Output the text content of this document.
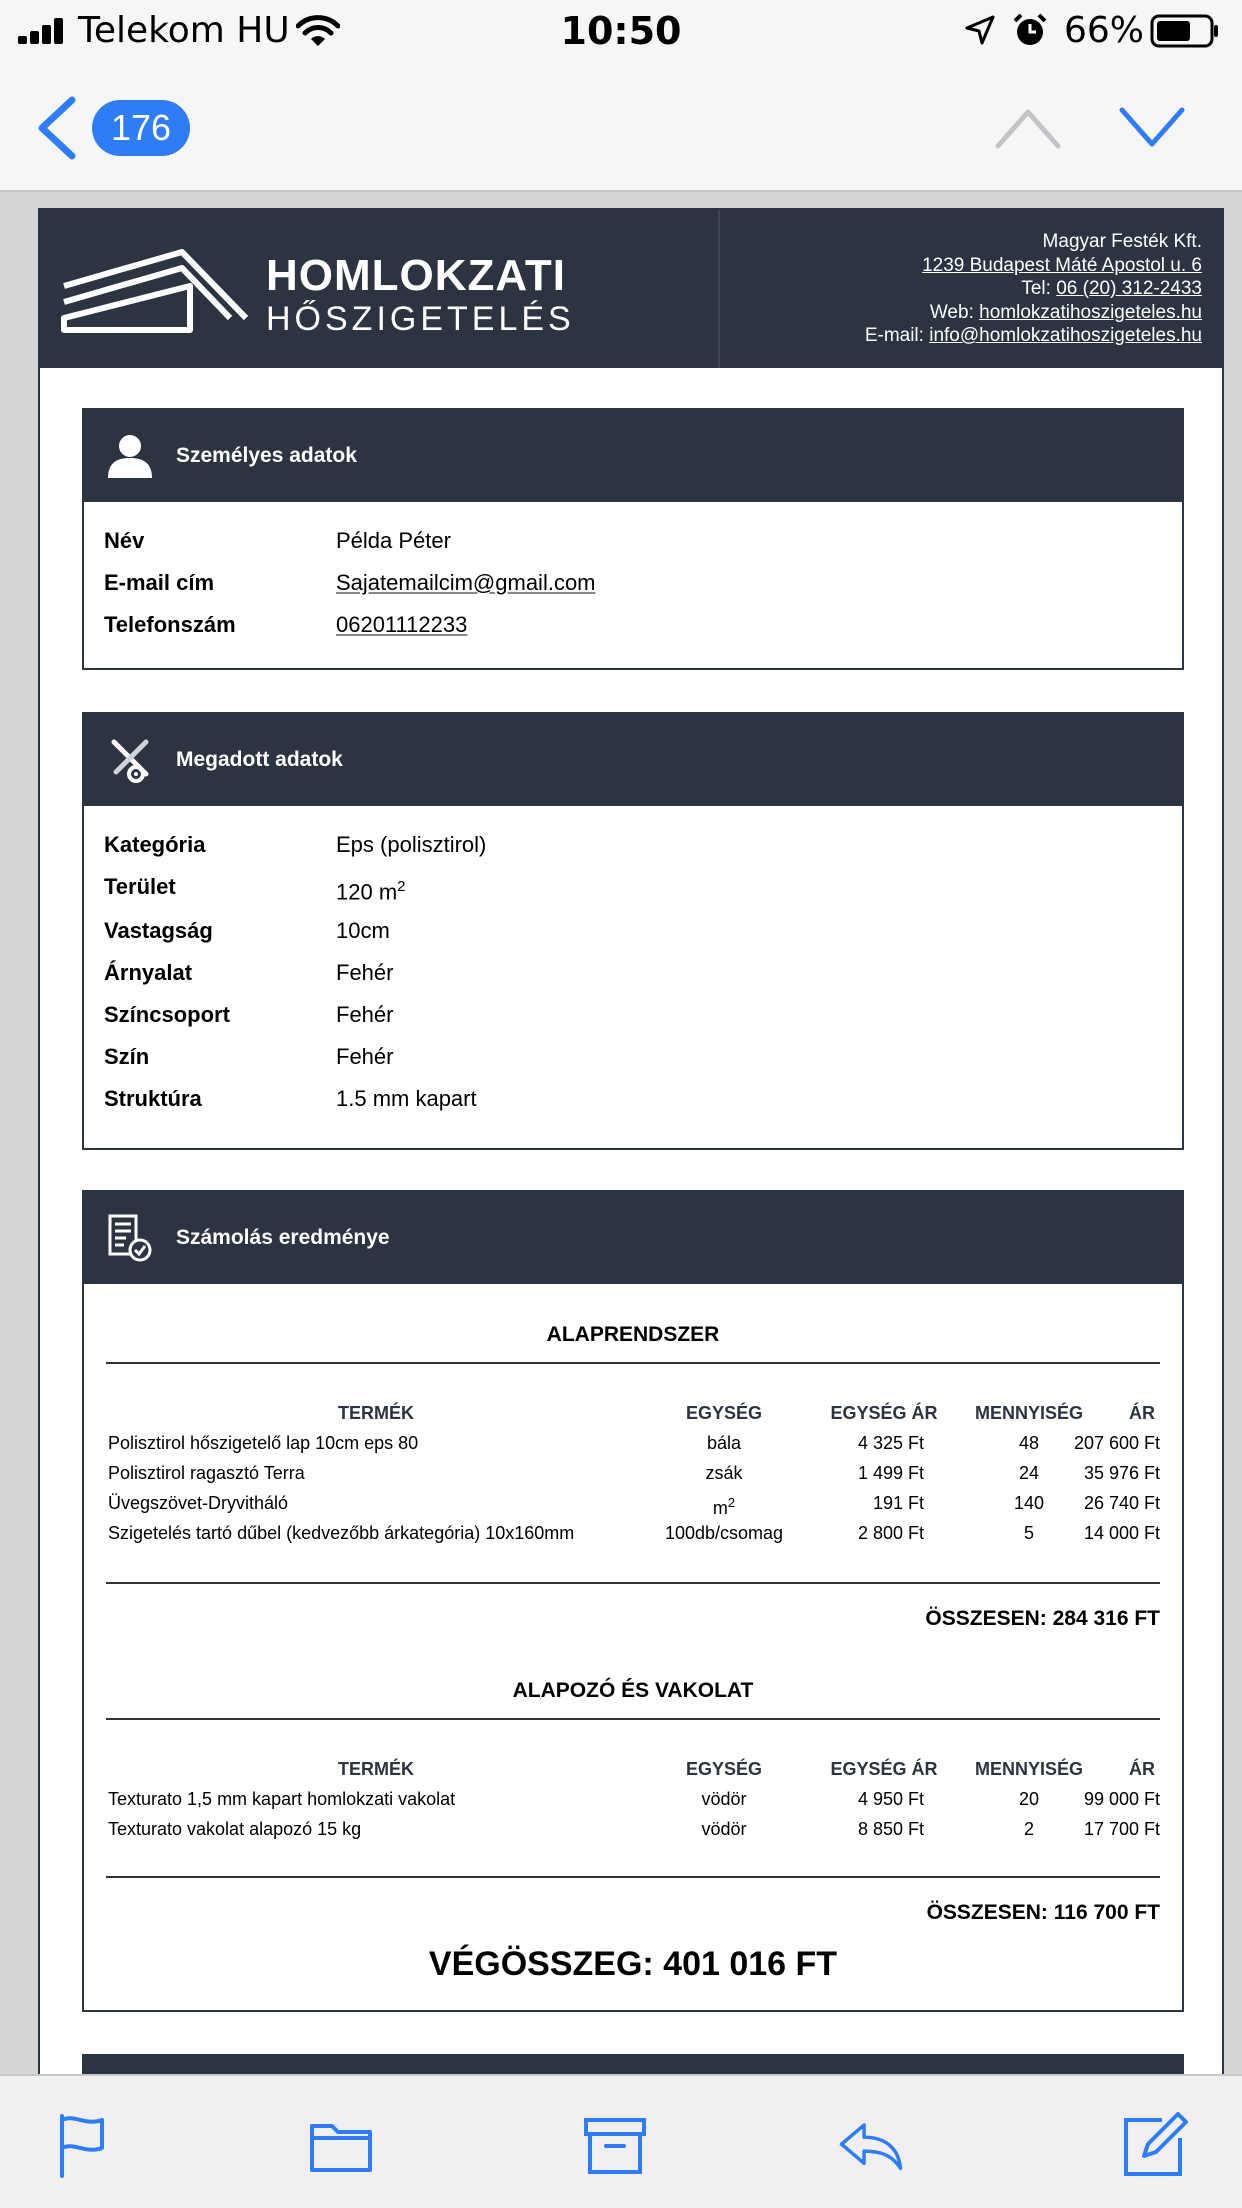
Telekom HU	10:50	66%
176
HOMLOKZATI
HŐSZIGETELÉS
Magyar Festék Kft.
1239 Budapest Máté Apostol u. 6
Tel: 06 (20) 312-2433
Web: homlokzatihoszigeteles.hu
E-mail: info@homlokzatihoszigeteles.hu
Személyes adatok
Név	Példa Péter
E-mail cím	Sajatemailcim@gmail.com
Telefonszám	06201112233
Megadott adatok
Kategória	Eps (polisztirol)
Terület	120 $m^2$
Vastagság	10cm
Árnyalat	Fehér
Színcsoport	Fehér
Szín	Fehér
Struktúra	1.5 mm kapart
Számolás eredménye
ALAPRENDSZER
TERMÉK	EGYSÉG	EGYSÉG ÁR	MENNYISÉG	ÁR
Polisztirol hőszigetelő lap 10cm eps 80	bála	4 325 Ft	48	207 600 Ft
Polisztirol ragasztó Terra	zsák	1 499 Ft	24	35 976 Ft
Üvegszövet-Dryvitháló	$m^2$	191 Ft	140	26 740 Ft
Szigetelés tartó dűbel (kedvezőbb árkategória) 10x160mm	100db/csomag	2 800 Ft	5	14 000 Ft
ÖSSZESEN: 284 316 FT
ALAPOZÓ ÉS VAKOLAT
TERMÉK	EGYSÉG	EGYSÉG ÁR	MENNYISÉG	ÁR
Texturato 1,5 mm kapart homlokzati vakolat	vödör	4 950 Ft	20	99 000 Ft
Texturato vakolat alapozó 15 kg	vödör	8 850 Ft	2	17 700 Ft
ÖSSZESEN: 116 700 FT
VÉGÖSSZEG: 401 016 FT
